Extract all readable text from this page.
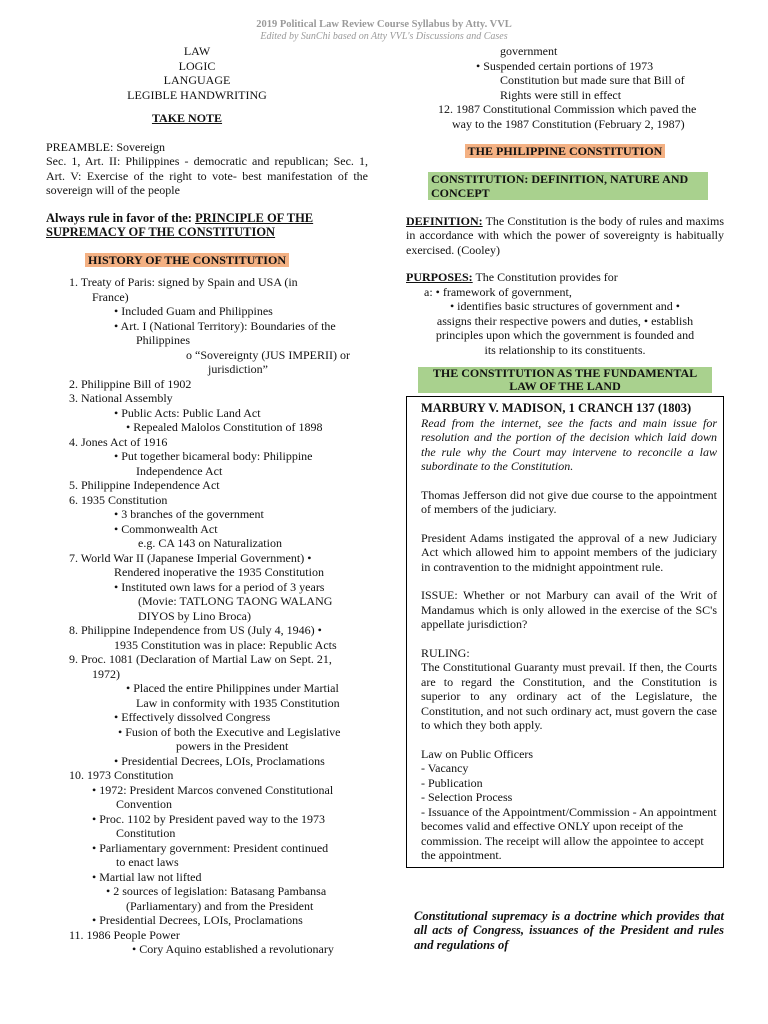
2019 Political Law Review Course Syllabus by Atty. VVL
Edited by SunChi based on Atty VVL's Discussions and Cases
LAW
LOGIC
LANGUAGE
LEGIBLE HANDWRITING
TAKE NOTE
PREAMBLE: Sovereign
Sec. 1, Art. II: Philippines - democratic and republican; Sec. 1, Art. V: Exercise of the right to vote- best manifestation of the sovereign will of the people
Always rule in favor of the: PRINCIPLE OF THE SUPREMACY OF THE CONSTITUTION
HISTORY OF THE CONSTITUTION
1. Treaty of Paris: signed by Spain and USA (in
France)
• Included Guam and Philippines
• Art. I (National Territory): Boundaries of the
Philippines
o “Sovereignty (JUS IMPERII) or
jurisdiction”
2. Philippine Bill of 1902
3. National Assembly
• Public Acts: Public Land Act
• Repealed Malolos Constitution of 1898
4. Jones Act of 1916
• Put together bicameral body: Philippine
Independence Act
5. Philippine Independence Act
6. 1935 Constitution
• 3 branches of the government
• Commonwealth Act
e.g. CA 143 on Naturalization
7. World War II (Japanese Imperial Government) •
Rendered inoperative the 1935 Constitution
• Instituted own laws for a period of 3 years
(Movie: TATLONG TAONG WALANG
DIYOS by Lino Broca)
8. Philippine Independence from US (July 4, 1946) •
1935 Constitution was in place: Republic Acts
9. Proc. 1081 (Declaration of Martial Law on Sept. 21,
1972)
• Placed the entire Philippines under Martial
Law in conformity with 1935 Constitution
• Effectively dissolved Congress
• Fusion of both the Executive and Legislative
powers in the President
• Presidential Decrees, LOIs, Proclamations
10. 1973 Constitution
• 1972: President Marcos convened Constitutional
Convention
• Proc. 1102 by President paved way to the 1973
Constitution
• Parliamentary government: President continued
to enact laws
• Martial law not lifted
• 2 sources of legislation: Batasang Pambansa
(Parliamentary) and from the President
• Presidential Decrees, LOIs, Proclamations
11. 1986 People Power
• Cory Aquino established a revolutionary
government
• Suspended certain portions of 1973
Constitution but made sure that Bill of
Rights were still in effect
12. 1987 Constitutional Commission which paved the
way to the 1987 Constitution (February 2, 1987)
THE PHILIPPINE CONSTITUTION
CONSTITUTION: DEFINITION, NATURE AND CONCEPT
DEFINITION: The Constitution is the body of rules and maxims in accordance with which the power of sovereignty is habitually exercised. (Cooley)
PURPOSES: The Constitution provides for
a: • framework of government,
• identifies basic structures of government and •
assigns their respective powers and duties, • establish
principles upon which the government is founded and
its relationship to its constituents.
THE CONSTITUTION AS THE FUNDAMENTAL LAW OF THE LAND

MARBURY V. MADISON, 1 CRANCH 137 (1803)

Read from the internet, see the facts and main issue for resolution and the portion of the decision which laid down the rule why the Court may intervene to reconcile a law subordinate to the Constitution.

Thomas Jefferson did not give due course to the appointment of members of the judiciary.

President Adams instigated the approval of a new Judiciary Act which allowed him to appoint members of the judiciary in contravention to the midnight appointment rule.

ISSUE: Whether or not Marbury can avail of the Writ of Mandamus which is only allowed in the exercise of the SC's appellate jurisdiction?

RULING:

The Constitutional Guaranty must prevail. If then, the Courts are to regard the Constitution, and the Constitution is superior to any ordinary act of the Legislature, the Constitution, and not such ordinary act, must govern the case to which they both apply.

Law on Public Officers

- Vacancy

- Publication

- Selection Process

- Issuance of the Appointment/Commission - An appointment becomes valid and effective ONLY upon receipt of the commission. The receipt will allow the appointee to accept the appointment.

Constitutional supremacy is a doctrine which provides that all acts of Congress, issuances of the President and rules and regulations of
